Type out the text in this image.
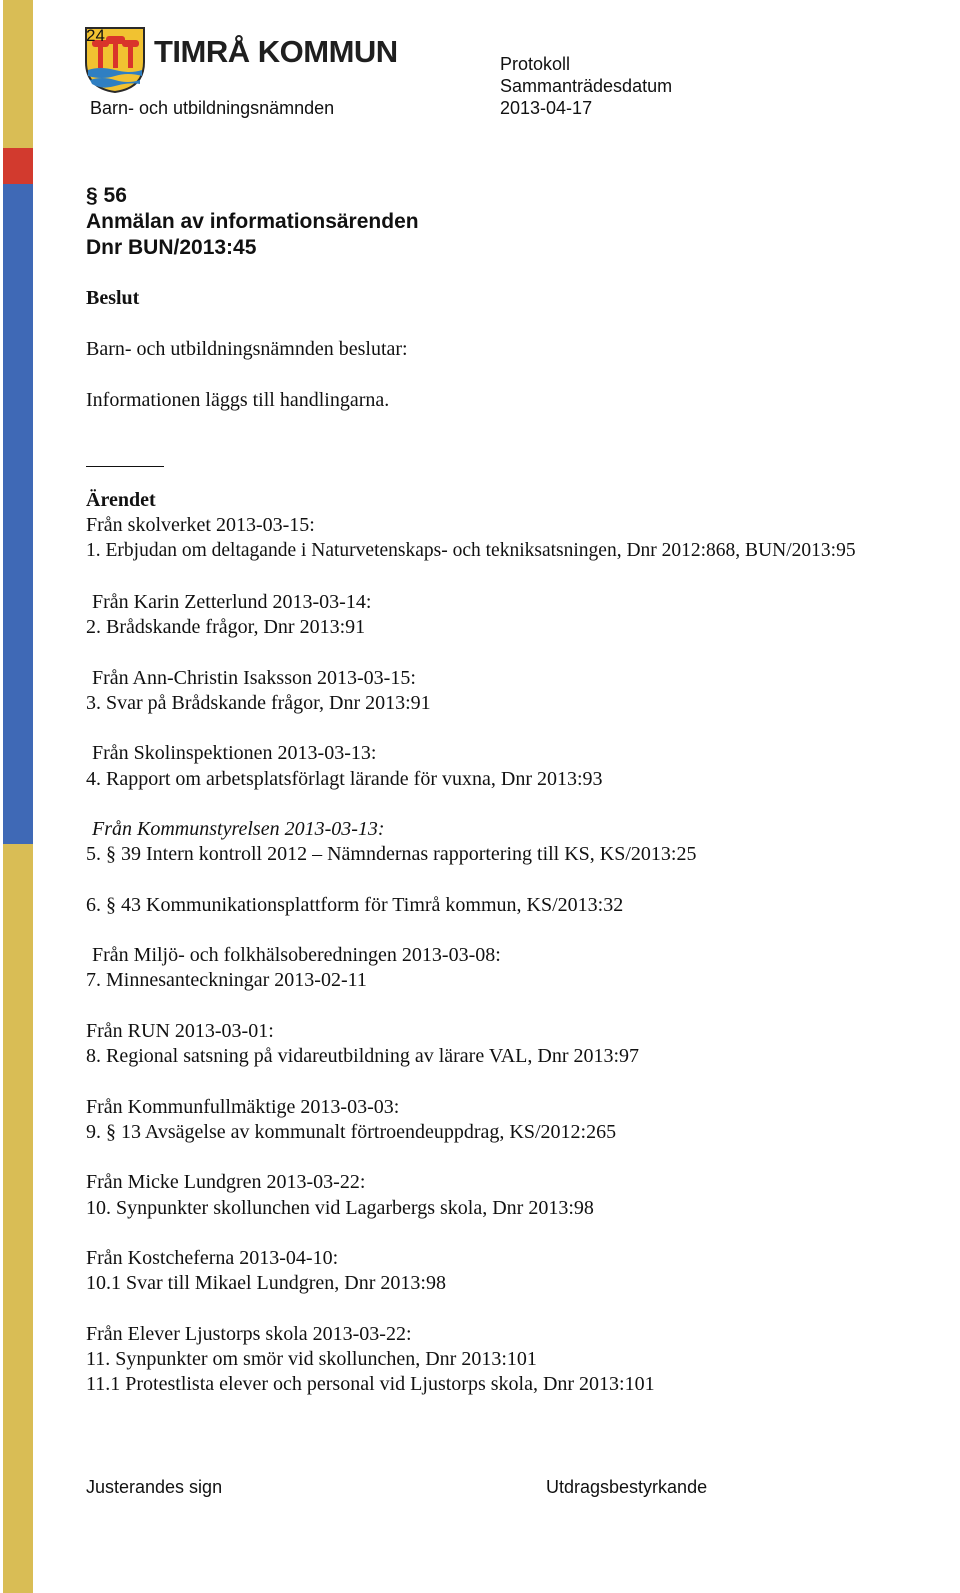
24 TIMRÅ KOMMUN
Barn- och utbildningsnämnden
Protokoll
Sammanträdesdatum
2013-04-17
§ 56
Anmälan av informationsärenden
Dnr BUN/2013:45
Beslut
Barn- och utbildningsnämnden beslutar:
Informationen läggs till handlingarna.
Ärendet
Från skolverket 2013-03-15:
1. Erbjudan om deltagande i Naturvetenskaps- och tekniksatsningen, Dnr 2012:868, BUN/2013:95
Från Karin Zetterlund 2013-03-14:
2. Brådskande frågor, Dnr 2013:91
Från Ann-Christin Isaksson 2013-03-15:
3. Svar på Brådskande frågor, Dnr 2013:91
Från Skolinspektionen 2013-03-13:
4. Rapport om arbetsplatsförlagt lärande för vuxna, Dnr 2013:93
Från Kommunstyrelsen 2013-03-13:
5. § 39 Intern kontroll 2012 – Nämndernas rapportering till KS, KS/2013:25
6. § 43 Kommunikationsplattform för Timrå kommun, KS/2013:32
Från Miljö- och folkhälsoberedningen 2013-03-08:
7. Minnesanteckningar 2013-02-11
Från RUN 2013-03-01:
8. Regional satsning på vidareutbildning av lärare VAL, Dnr 2013:97
Från Kommunfullmäktige 2013-03-03:
9. § 13 Avsägelse av kommunalt förtroendeuppdrag, KS/2012:265
Från Micke Lundgren 2013-03-22:
10. Synpunkter skollunchen vid Lagarbergs skola, Dnr 2013:98
Från Kostcheferna 2013-04-10:
10.1 Svar till Mikael Lundgren, Dnr 2013:98
Från Elever Ljustorps skola 2013-03-22:
11. Synpunkter om smör vid skollunchen, Dnr 2013:101
11.1 Protestlista elever och personal vid Ljustorps skola, Dnr 2013:101
Justerandes sign	Utdragsbestyrkande
